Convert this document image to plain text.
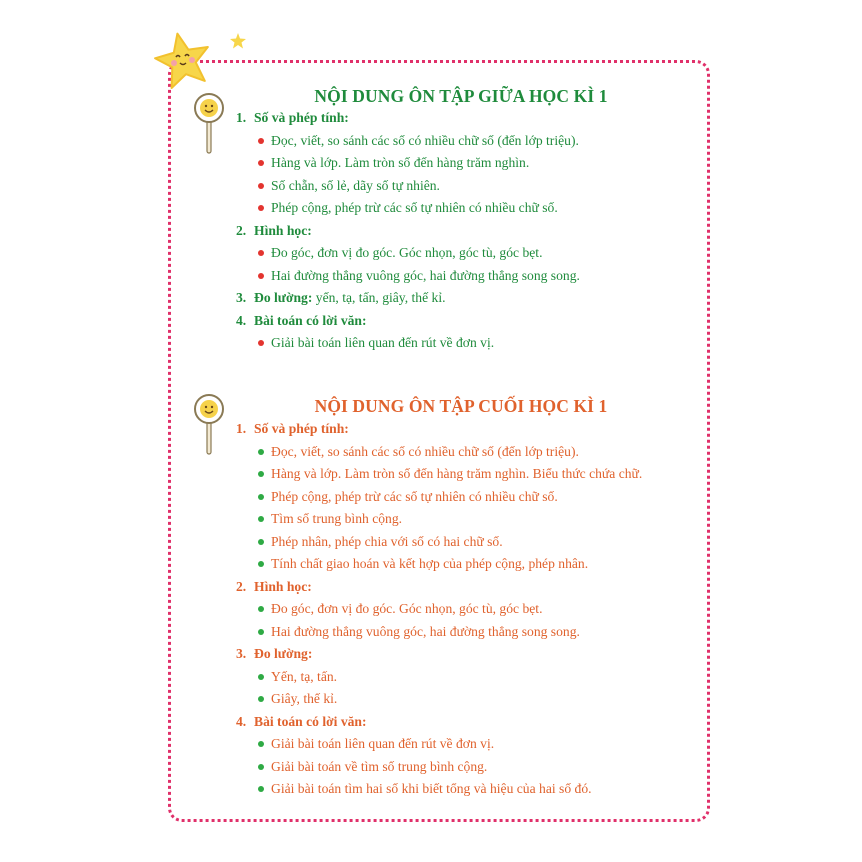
NỘI DUNG ÔN TẬP GIỮA HỌC KÌ 1
1. Số và phép tính:
Đọc, viết, so sánh các số có nhiều chữ số (đến lớp triệu).
Hàng và lớp. Làm tròn số đến hàng trăm nghìn.
Số chẵn, số lẻ, dãy số tự nhiên.
Phép cộng, phép trừ các số tự nhiên có nhiều chữ số.
2. Hình học:
Đo góc, đơn vị đo góc. Góc nhọn, góc tù, góc bẹt.
Hai đường thẳng vuông góc, hai đường thẳng song song.
3. Đo lường: yến, tạ, tấn, giây, thế kỉ.
4. Bài toán có lời văn:
Giải bài toán liên quan đến rút về đơn vị.
NỘI DUNG ÔN TẬP CUỐI HỌC KÌ 1
1. Số và phép tính:
Đọc, viết, so sánh các số có nhiều chữ số (đến lớp triệu).
Hàng và lớp. Làm tròn số đến hàng trăm nghìn. Biểu thức chứa chữ.
Phép cộng, phép trừ các số tự nhiên có nhiều chữ số.
Tìm số trung bình cộng.
Phép nhân, phép chia với số có hai chữ số.
Tính chất giao hoán và kết hợp của phép cộng, phép nhân.
2. Hình học:
Đo góc, đơn vị đo góc. Góc nhọn, góc tù, góc bẹt.
Hai đường thẳng vuông góc, hai đường thẳng song song.
3. Đo lường:
Yến, tạ, tấn.
Giây, thế kỉ.
4. Bài toán có lời văn:
Giải bài toán liên quan đến rút về đơn vị.
Giải bài toán về tìm số trung bình cộng.
Giải bài toán tìm hai số khi biết tổng và hiệu của hai số đó.
